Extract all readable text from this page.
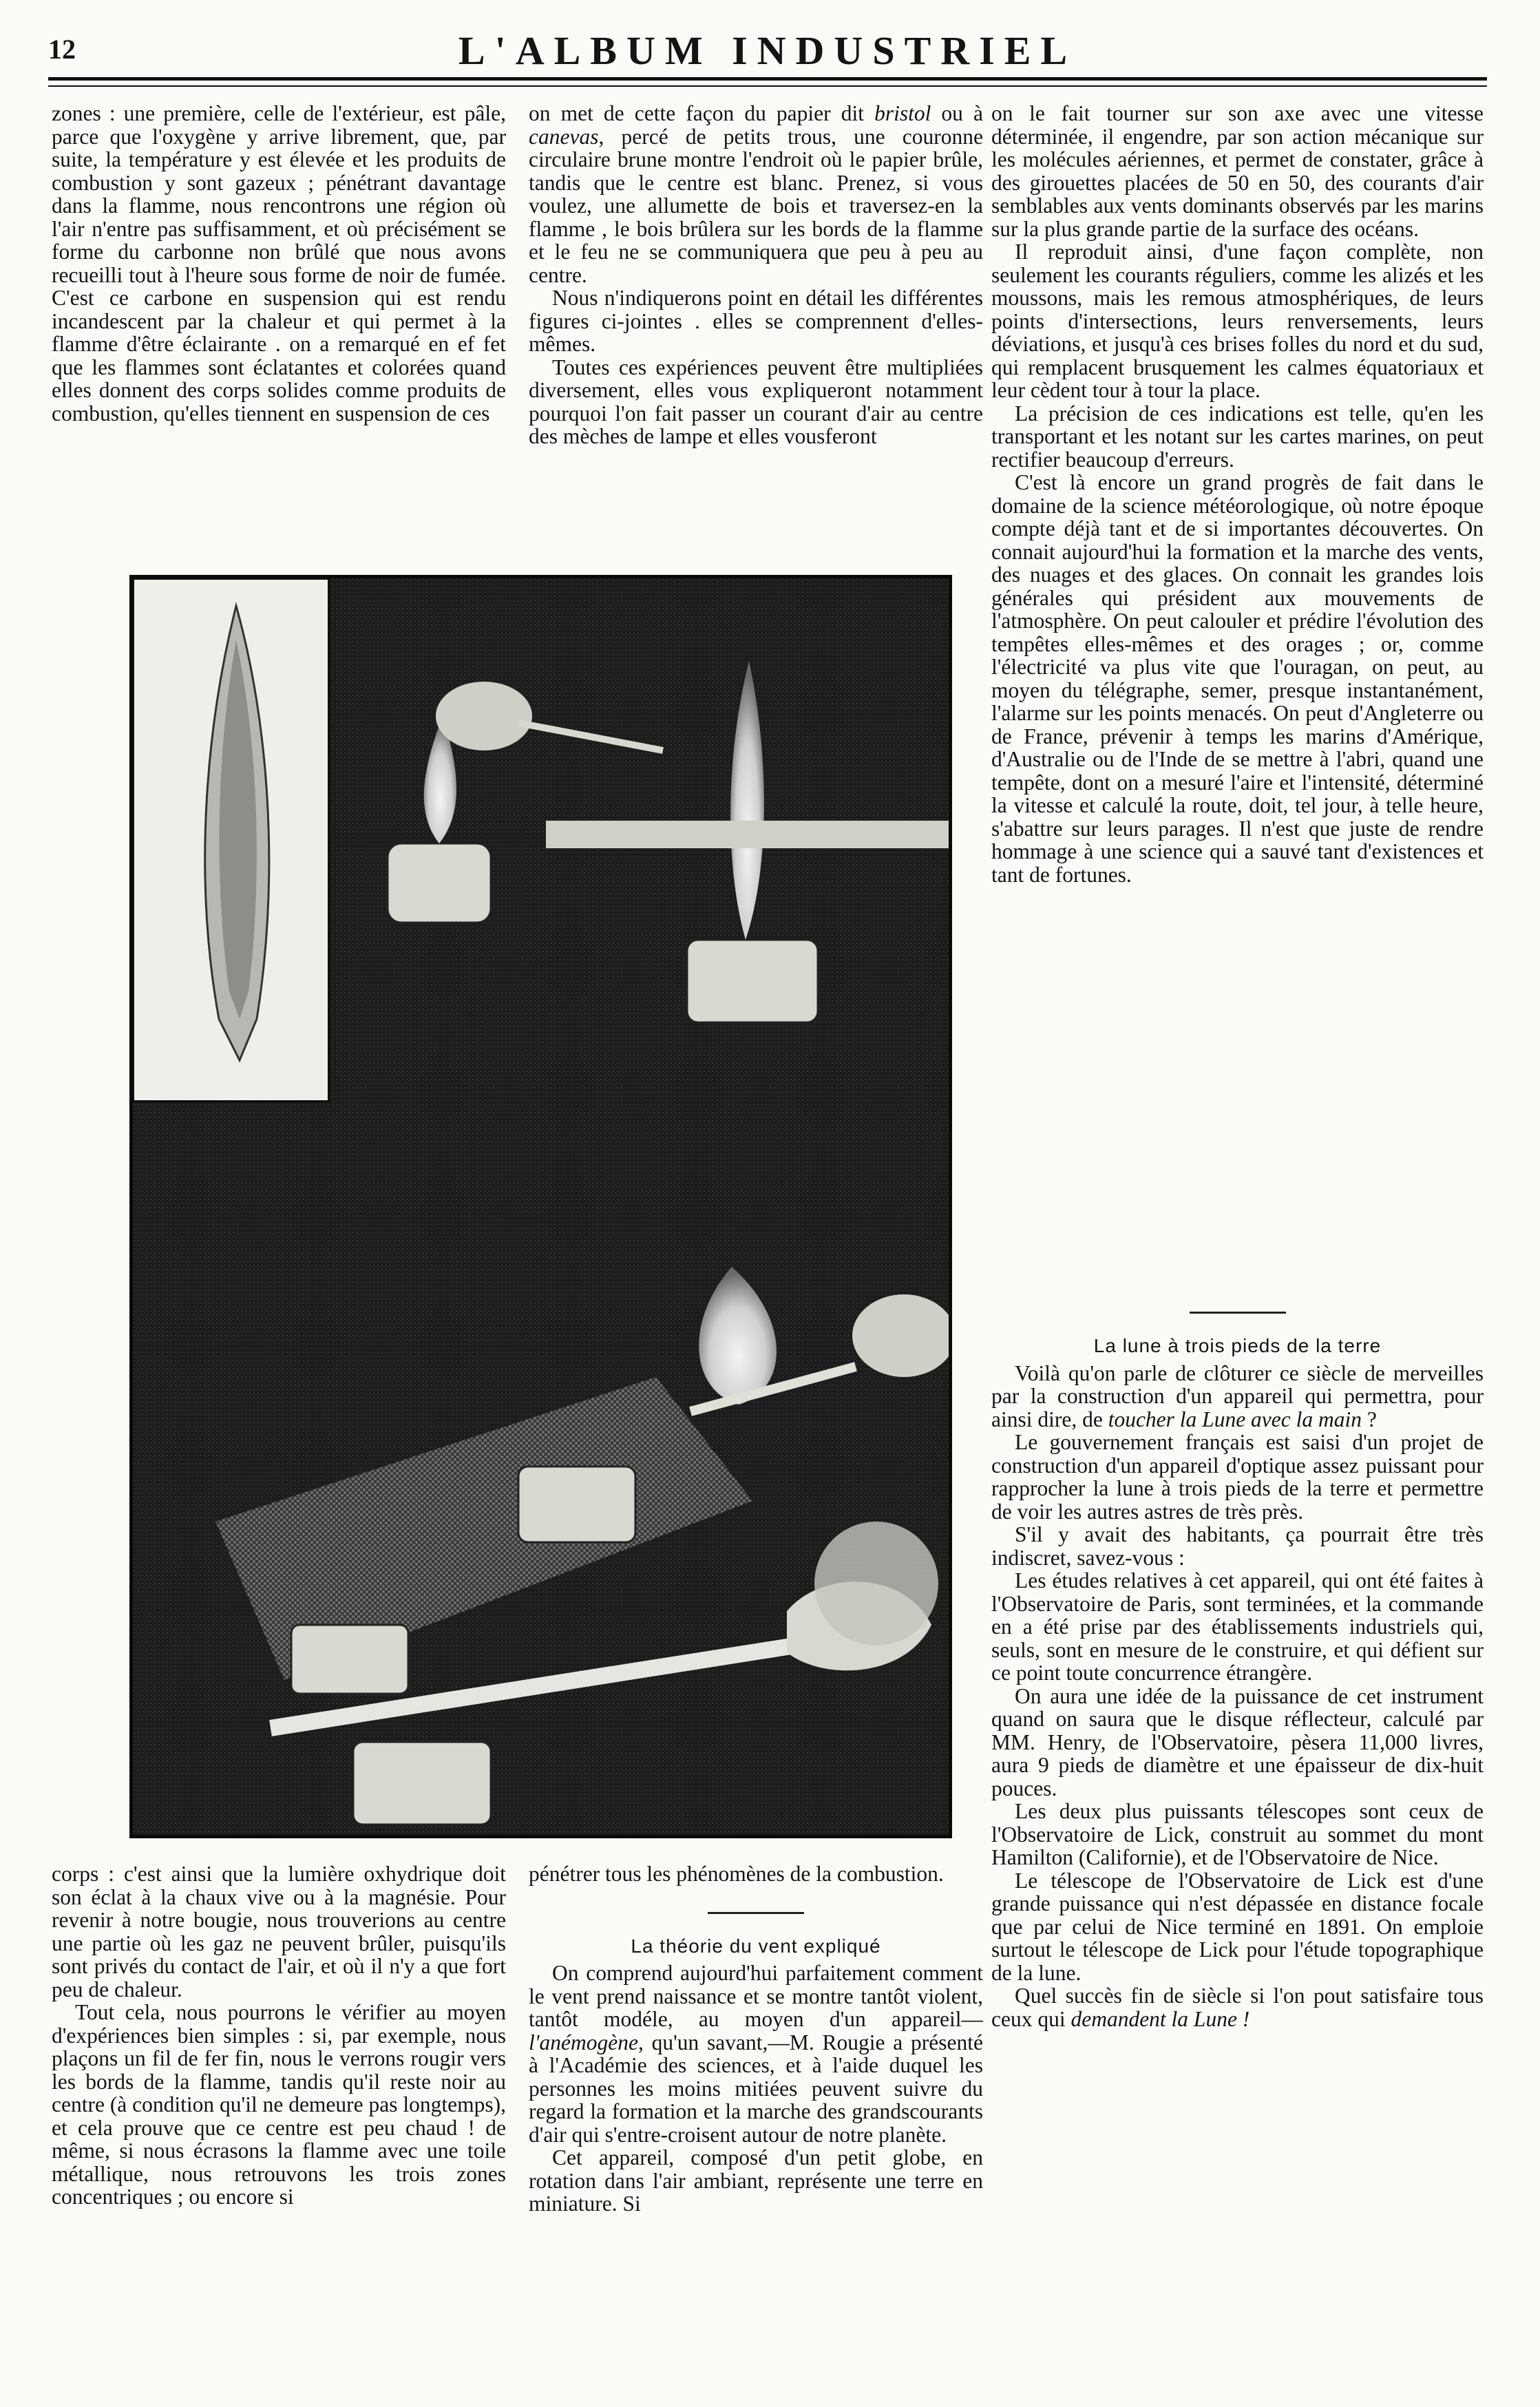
12	L'ALBUM INDUSTRIEL

zones : une première, celle de l'extérieur, est pâle, parce que l'oxygène y arrive librement, que, par suite, la température y est élevée et les produits de combustion y sont gazeux ; pénétrant davantage dans la flamme, nous rencontrons une région où l'air n'entre pas suffisamment, et où précisément se forme du carbonne non brûlé que nous avons recueilli tout à l'heure sous forme de noir de fumée. C'est ce carbone en suspension qui est rendu incandescent par la chaleur et qui permet à la flamme d'être éclairante . on a remarqué en ef fet que les flammes sont éclatantes et colorées quand elles donnent des corps solides comme produits de combustion, qu'elles tiennent en suspension de ces

on met de cette façon du papier dit bristol ou à canevas, percé de petits trous, une couronne circulaire brune montre l'endroit où le papier brûle, tandis que le centre est blanc. Prenez, si vous voulez, une allumette de bois et traversez-en la flamme , le bois brûlera sur les bords de la flamme et le feu ne se communiquera que peu à peu au centre.

Nous n'indiquerons point en détail les différentes figures ci-jointes . elles se comprennent d'elles-mêmes.

Toutes ces expériences peuvent être multipliées diversement, elles vous expliqueront notamment pourquoi l'on fait passer un courant d'air au centre des mèches de lampe et elles vousferont

on le fait tourner sur son axe avec une vitesse déterminée, il engendre, par son action mécanique sur les molécules aériennes, et permet de constater, grâce à des girouettes placées de 50 en 50, des courants d'air semblables aux vents dominants observés par les marins sur la plus grande partie de la surface des océans.

Il reproduit ainsi, d'une façon complète, non seulement les courants réguliers, comme les alizés et les moussons, mais les remous atmosphériques, de leurs points d'intersections, leurs renversements, leurs déviations, et jusqu'à ces brises folles du nord et du sud, qui remplacent brusquement les calmes équatoriaux et leur cèdent tour à tour la place.

La précision de ces indications est telle, qu'en les transportant et les notant sur les cartes marines, on peut rectifier beaucoup d'erreurs.

C'est là encore un grand progrès de fait dans le domaine de la science météorologique, où notre époque compte déjà tant et de si importantes découvertes. On connait aujourd'hui la formation et la marche des vents, des nuages et des glaces. On connait les grandes lois générales qui président aux mouvements de l'atmosphère. On peut calouler et prédire l'évolution des tempêtes elles-mêmes et des orages ; or, comme l'électricité va plus vite que l'ouragan, on peut, au moyen du télégraphe, semer, presque instantanément, l'alarme sur les points menacés. On peut d'Angleterre ou de France, prévenir à temps les marins d'Amérique, d'Australie ou de l'Inde de se mettre à l'abri, quand une tempête, dont on a mesuré l'aire et l'intensité, déterminé la vitesse et calculé la route, doit, tel jour, à telle heure, s'abattre sur leurs parages. Il n'est que juste de rendre hommage à une science qui a sauvé tant d'existences et tant de fortunes.

corps : c'est ainsi que la lumière oxhydrique doit son éclat à la chaux vive ou à la magnésie. Pour revenir à notre bougie, nous trouverions au centre une partie où les gaz ne peuvent brûler, puisqu'ils sont privés du contact de l'air, et où il n'y a que fort peu de chaleur.

Tout cela, nous pourrons le vérifier au moyen d'expériences bien simples : si, par exemple, nous plaçons un fil de fer fin, nous le verrons rougir vers les bords de la flamme, tandis qu'il reste noir au centre (à condition qu'il ne demeure pas longtemps), et cela prouve que ce centre est peu chaud ! de même, si nous écrasons la flamme avec une toile métallique, nous retrouvons les trois zones concentriques ; ou encore si

pénétrer tous les phénomènes de la combustion.

La théorie du vent expliqué

On comprend aujourd'hui parfaitement comment le vent prend naissance et se montre tantôt violent, tantôt modéle, au moyen d'un appareil—l'anémogène, qu'un savant,—M. Rougie a présenté à l'Académie des sciences, et à l'aide duquel les personnes les moins mitiées peuvent suivre du regard la formation et la marche des grandscourants d'air qui s'entre-croisent autour de notre planète.

Cet appareil, composé d'un petit globe, en rotation dans l'air ambiant, représente une terre en miniature. Si

La lune à trois pieds de la terre

Voilà qu'on parle de clôturer ce siècle de merveilles par la construction d'un appareil qui permettra, pour ainsi dire, de toucher la Lune avec la main ?

Le gouvernement français est saisi d'un projet de construction d'un appareil d'optique assez puissant pour rapprocher la lune à trois pieds de la terre et permettre de voir les autres astres de très près.

S'il y avait des habitants, ça pourrait être très indiscret, savez-vous :

Les études relatives à cet appareil, qui ont été faites à l'Observatoire de Paris, sont terminées, et la commande en a été prise par des établissements industriels qui, seuls, sont en mesure de le construire, et qui défient sur ce point toute concurrence étrangère.

On aura une idée de la puissance de cet instrument quand on saura que le disque réflecteur, calculé par MM. Henry, de l'Observatoire, pèsera 11,000 livres, aura 9 pieds de diamètre et une épaisseur de dix-huit pouces.

Les deux plus puissants télescopes sont ceux de l'Observatoire de Lick, construit au sommet du mont Hamilton (Californie), et de l'Observatoire de Nice.

Le télescope de l'Observatoire de Lick est d'une grande puissance qui n'est dépassée en distance focale que par celui de Nice terminé en 1891. On emploie surtout le télescope de Lick pour l'étude topographique de la lune.

Quel succès fin de siècle si l'on pout satisfaire tous ceux qui demandent la Lune !
